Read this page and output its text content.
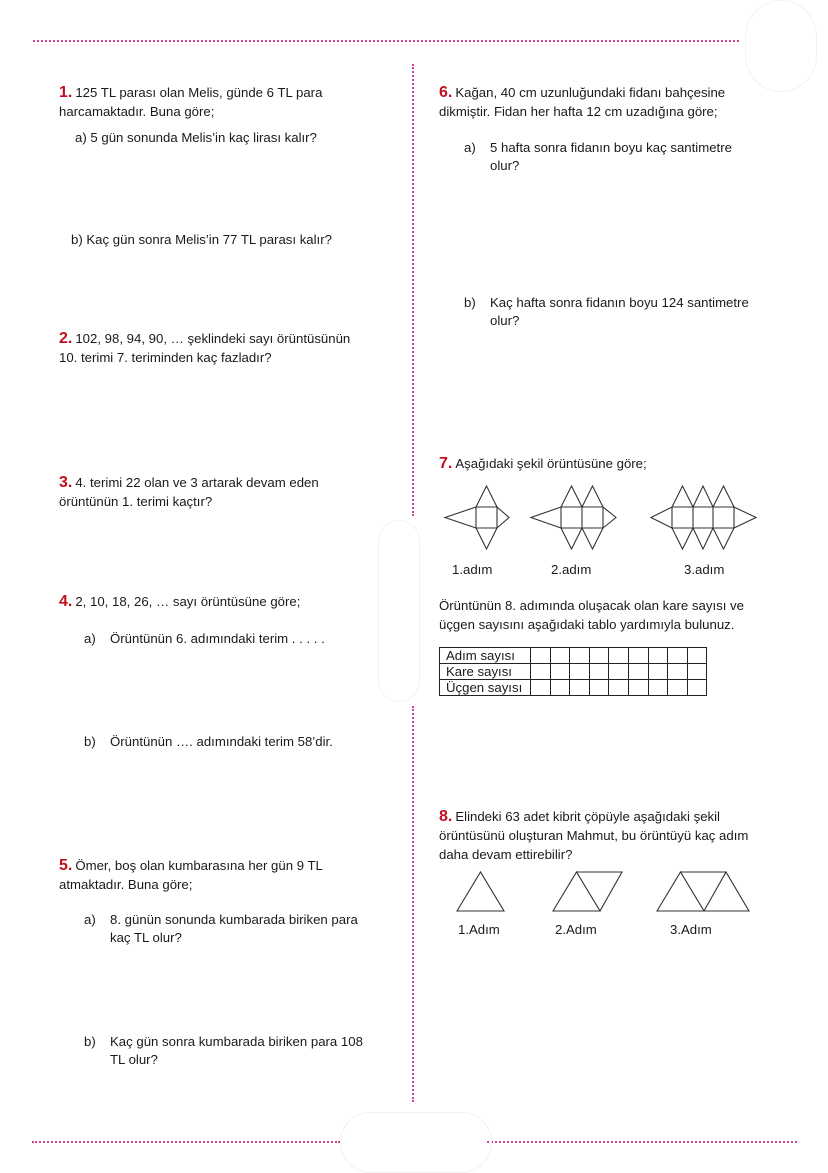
1. 125 TL parası olan Melis, günde 6 TL para
harcamaktadır. Buna göre;
a) 5 gün sonunda Melis’in kaç lirası kalır?
b) Kaç gün sonra Melis’in 77 TL parası kalır?
2. 102, 98, 94, 90, … şeklindeki sayı örüntüsünün
10. terimi 7. teriminden kaç fazladır?
3. 4. terimi 22 olan ve 3 artarak devam eden
örüntünün 1. terimi kaçtır?
4. 2, 10, 18, 26, … sayı örüntüsüne göre;
a) Örüntünün 6. adımındaki terim . . . . .
b) Örüntünün …. adımındaki terim 58’dir.
5. Ömer, boş olan kumbarasına her gün 9 TL
atmaktadır. Buna göre;
a) 8. günün sonunda kumbarada biriken para
kaç TL olur?
b) Kaç gün sonra kumbarada biriken para 108
TL olur?
6. Kağan, 40 cm uzunluğundaki fidanı bahçesine
dikmiştir. Fidan her hafta 12 cm uzadığına göre;
a) 5 hafta sonra fidanın boyu kaç santimetre
olur?
b) Kaç hafta sonra fidanın boyu 124 santimetre
olur?
7. Aşağıdaki şekil örüntüsüne göre;
1.adım	2.adım	3.adım
Örüntünün 8. adımında oluşacak olan kare sayısı ve
üçgen sayısını aşağıdaki tablo yardımıyla bulunuz.
Adım sayısı									
Kare sayısı									
Üçgen sayısı									
8. Elindeki 63 adet kibrit çöpüyle aşağıdaki şekil
örüntüsünü oluşturan Mahmut, bu örüntüyü kaç adım
daha devam ettirebilir?
1.Adım	2.Adım	3.Adım
